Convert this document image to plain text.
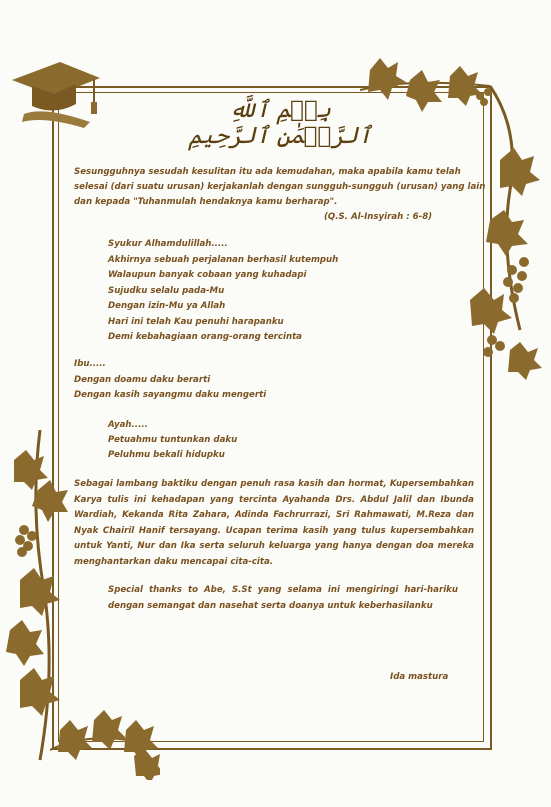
بِسۡمِ ٱللَّهِ ٱلرَّحۡمَٰنِ ٱلرَّحِيمِ
Sesungguhnya sesudah kesulitan itu ada kemudahan, maka apabila kamu telah
selesai (dari suatu urusan) kerjakanlah dengan sungguh-sungguh (urusan) yang lain
dan kepada "Tuhanmulah hendaknya kamu berharap".
(Q.S. Al-Insyirah : 6-8)
Syukur Alhamdulillah.....
Akhirnya sebuah perjalanan berhasil kutempuh
Walaupun banyak cobaan yang kuhadapi
Sujudku selalu pada-Mu
Dengan izin-Mu ya Allah
Hari ini telah Kau penuhi harapanku
Demi kebahagiaan orang-orang tercinta
Ibu.....
Dengan doamu daku berarti
Dengan kasih sayangmu daku mengerti
Ayah.....
Petuahmu tuntunkan daku
Peluhmu bekali hidupku
Sebagai lambang baktiku dengan penuh rasa kasih dan hormat, Kupersembahkan Karya tulis ini kehadapan yang tercinta Ayahanda Drs. Abdul Jalil dan Ibunda Wardiah, Kekanda Rita Zahara, Adinda Fachrurrazi, Sri Rahmawati, M.Reza dan Nyak Chairil Hanif tersayang. Ucapan terima kasih yang tulus kupersembahkan untuk Yanti, Nur dan Ika serta seluruh keluarga yang hanya dengan doa mereka menghantarkan daku mencapai cita-cita.
Special thanks to Abe, S.St yang selama ini mengiringi hari-hariku dengan semangat dan nasehat serta doanya untuk keberhasilanku
Ida mastura
